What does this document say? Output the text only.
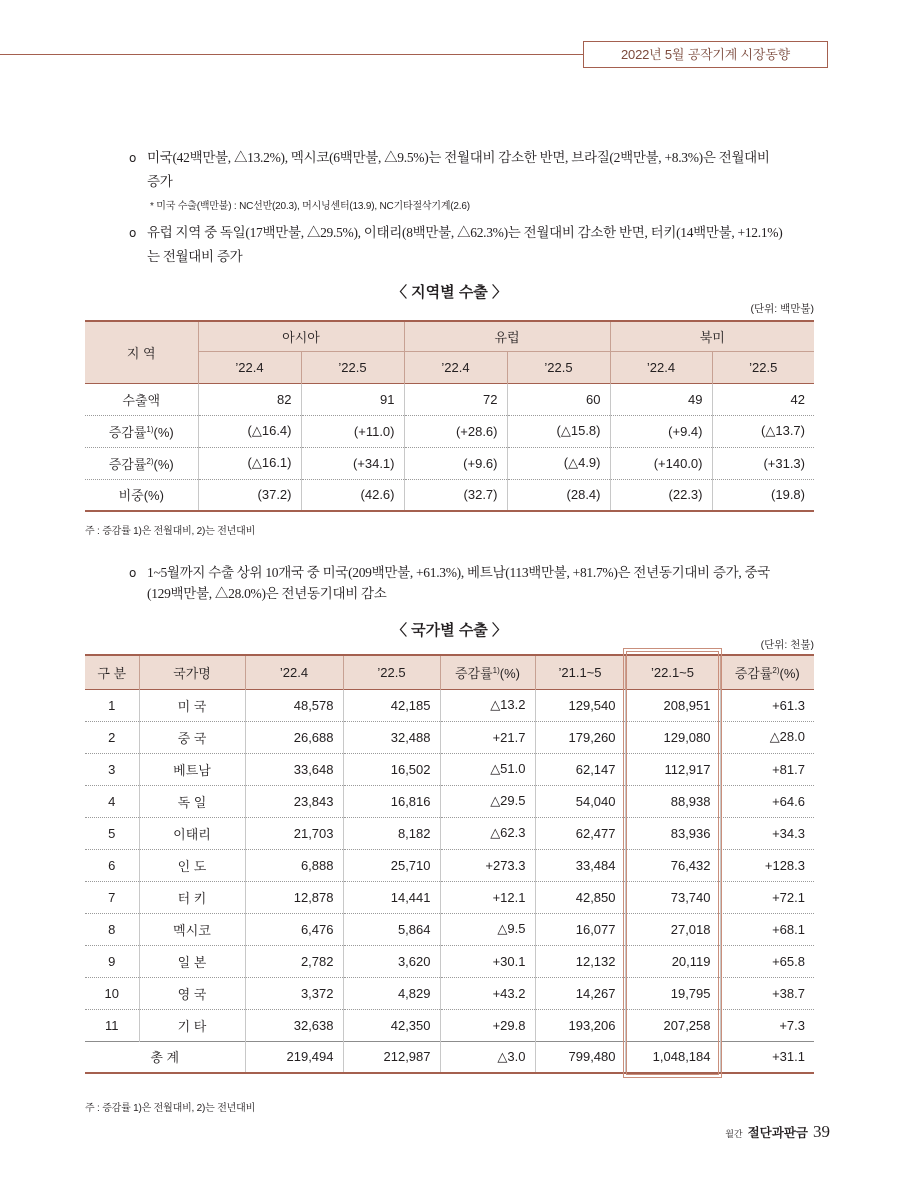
2022년 5월 공작기계 시장동향
o 미국(42백만불, △13.2%), 멕시코(6백만불, △9.5%)는 전월대비 감소한 반면, 브라질(2백만불, +8.3%)은 전월대비
증가
* 미국 수출(백만불) : NC선반(20.3), 머시닝센터(13.9), NC기타절삭기계(2.6)
o 유럽 지역 중 독일(17백만불, △29.5%), 이태리(8백만불, △62.3%)는 전월대비 감소한 반면, 터키(14백만불, +12.1%)
는 전월대비 증가
〈 지역별 수출 〉
(단위: 백만불)
지 역	아시아		유럽		북미	
	’22.4	’22.5	’22.4	’22.5	’22.4	’22.5
수출액	82	91	72	60	49	42
증감률$^{1)}$(%)	(△16.4)	(+11.0)	(+28.6)	(△15.8)	(+9.4)	(△13.7)
증감률$^{2)}$(%)	(△16.1)	(+34.1)	(+9.6)	(△4.9)	(+140.0)	(+31.3)
비중(%)	(37.2)	(42.6)	(32.7)	(28.4)	(22.3)	(19.8)
주 : 증감률 1)은 전월대비, 2)는 전년대비
o 1~5월까지 수출 상위 10개국 중 미국(209백만불, +61.3%), 베트남(113백만불, +81.7%)은 전년동기대비 증가, 중국
(129백만불, △28.0%)은 전년동기대비 감소
〈 국가별 수출 〉
(단위: 천불)
구 분	국가명	’22.4	’22.5	증감률$^{1)}$(%)	’21.1~5	’22.1~5	증감률$^{2)}$(%)
1	미 국	48,578	42,185	△13.2	129,540	208,951	+61.3
2	중 국	26,688	32,488	+21.7	179,260	129,080	△28.0
3	베트남	33,648	16,502	△51.0	62,147	112,917	+81.7
4	독 일	23,843	16,816	△29.5	54,040	88,938	+64.6
5	이태리	21,703	8,182	△62.3	62,477	83,936	+34.3
6	인 도	6,888	25,710	+273.3	33,484	76,432	+128.3
7	터 키	12,878	14,441	+12.1	42,850	73,740	+72.1
8	멕시코	6,476	5,864	△9.5	16,077	27,018	+68.1
9	일 본	2,782	3,620	+30.1	12,132	20,119	+65.8
10	영 국	3,372	4,829	+43.2	14,267	19,795	+38.7
11	기 타	32,638	42,350	+29.8	193,206	207,258	+7.3
총 계		219,494	212,987	△3.0	799,480	1,048,184	+31.1
주 : 증감률 1)은 전월대비, 2)는 전년대비
월간 절단과판금 39
